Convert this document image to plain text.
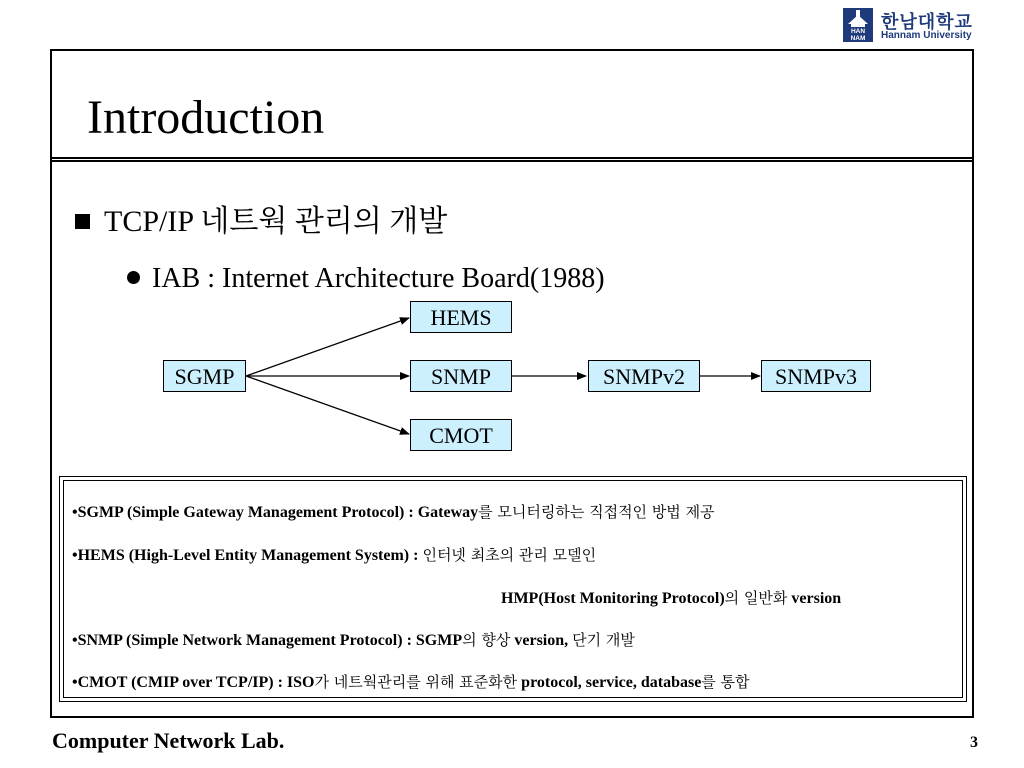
HAN
NAM
한남대학교
Hannam University
Introduction
TCP/IP 네트웍 관리의 개발
IAB : Internet Architecture Board(1988)
SGMP
HEMS
SNMP
CMOT
SNMPv2	SNMPv3
•SGMP (Simple Gateway Management Protocol) : Gateway를 모니터링하는 직접적인 방법 제공
•HEMS (High-Level Entity Management System) : 인터넷 최초의 관리 모델인
HMP(Host Monitoring Protocol)의 일반화 version
•SNMP (Simple Network Management Protocol) : SGMP의 향상 version, 단기 개발
•CMOT (CMIP over TCP/IP) : ISO가 네트웍관리를 위해 표준화한 protocol, service, database를 통합
Computer Network Lab.	3
